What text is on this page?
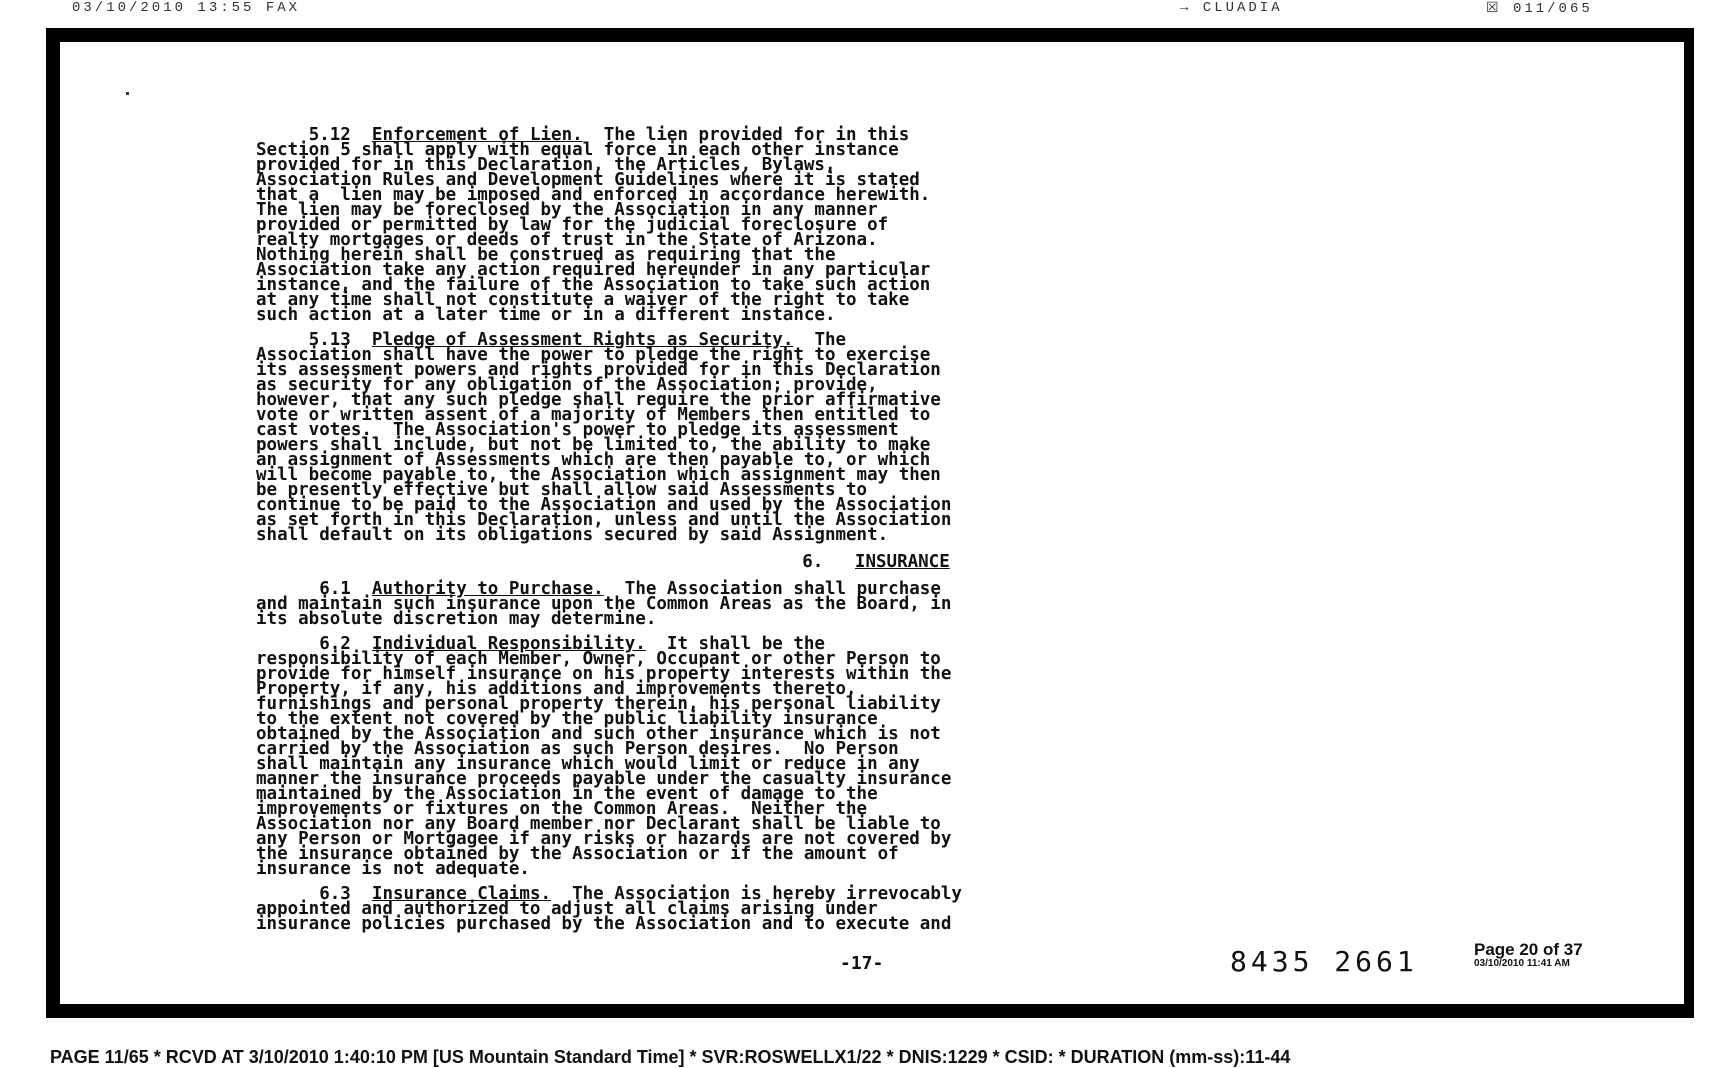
03/10/2010 13:55 FAX	→ CLUADIA	☒ 011/065
5.12 Enforcement of Lien. The lien provided for in this
Section 5 shall apply with equal force in each other instance
provided for in this Declaration, the Articles, Bylaws,
Association Rules and Development Guidelines where it is stated
that a  lien may be imposed and enforced in accordance herewith.
The lien may be foreclosed by the Association in any manner
provided or permitted by law for the judicial foreclosure of
realty mortgages or deeds of trust in the State of Arizona.
Nothing herein shall be construed as requiring that the
Association take any action required hereunder in any particular
instance, and the failure of the Association to take such action
at any time shall not constitute a waiver of the right to take
such action at a later time or in a different instance.
5.13 Pledge of Assessment Rights as Security. The
Association shall have the power to pledge the right to exercise
its assessment powers and rights provided for in this Declaration
as security for any obligation of the Association; provide,
however, that any such pledge shall require the prior affirmative
vote or written assent of a majority of Members then entitled to
cast votes.  The Association's power to pledge its assessment
powers shall include, but not be limited to, the ability to make
an assignment of Assessments which are then payable to, or which
will become payable to, the Association which assignment may then
be presently effective but shall allow said Assessments to
continue to be paid to the Association and used by the Association
as set forth in this Declaration, unless and until the Association
shall default on its obligations secured by said Assignment.
6. INSURANCE
6.1 Authority to Purchase. The Association shall purchase
and maintain such insurance upon the Common Areas as the Board, in
its absolute discretion may determine.
6.2 Individual Responsibility. It shall be the
responsibility of each Member, Owner, Occupant or other Person to
provide for himself insurance on his property interests within the
Property, if any, his additions and improvements thereto,
furnishings and personal property therein, his personal liability
to the extent not covered by the public liability insurance
obtained by the Association and such other insurance which is not
carried by the Association as such Person desires.  No Person
shall maintain any insurance which would limit or reduce in any
manner the insurance proceeds payable under the casualty insurance
maintained by the Association in the event of damage to the
improvements or fixtures on the Common Areas.  Neither the
Association nor any Board member nor Declarant shall be liable to
any Person or Mortgagee if any risks or hazards are not covered by
the insurance obtained by the Association or if the amount of
insurance is not adequate.
6.3 Insurance Claims. The Association is hereby irrevocably
appointed and authorized to adjust all claims arising under
insurance policies purchased by the Association and to execute and
-17-	8435 2661	Page 20 of 37
03/10/2010 11:41 AM
PAGE 11/65 * RCVD AT 3/10/2010 1:40:10 PM [US Mountain Standard Time] * SVR:ROSWELLX1/22 * DNIS:1229 * CSID: * DURATION (mm-ss):11-44
